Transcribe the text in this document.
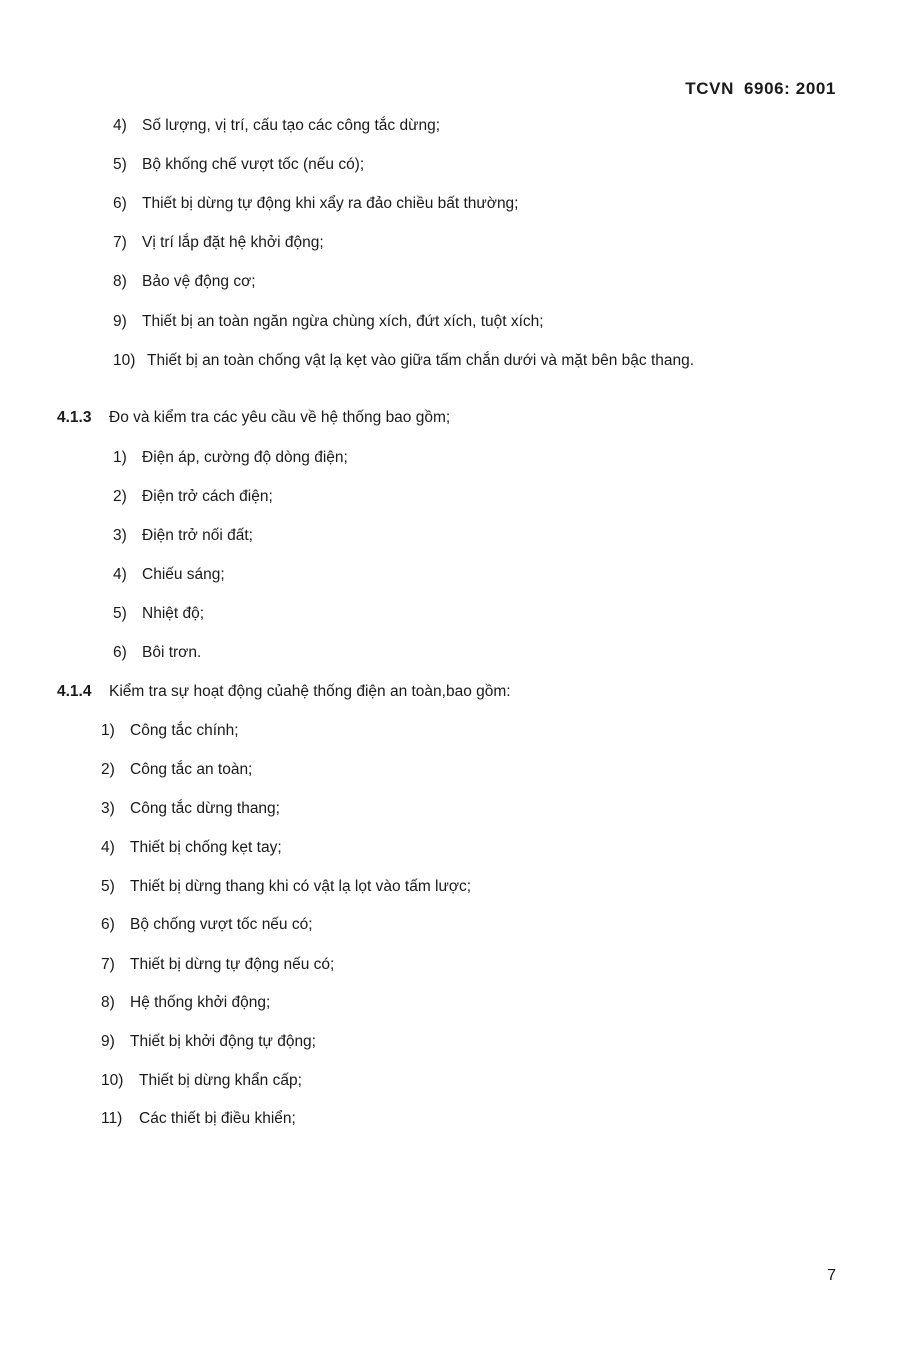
TCVN 6906: 2001
4) Số lượng, vị trí, cấu tạo các công tắc dừng;
5) Bộ khống chế vượt tốc (nếu có);
6) Thiết bị dừng tự động khi xẩy ra đảo chiều bất thường;
7) Vị trí lắp đặt hệ khởi động;
8) Bảo vệ động cơ;
9) Thiết bị an toàn ngăn ngừa chùng xích, đứt xích, tuột xích;
10) Thiết bị an toàn chống vật lạ kẹt vào giữa tấm chắn dưới và mặt bên bậc thang.
4.1.3 Đo và kiểm tra các yêu cầu về hệ thống bao gồm;
1) Điện áp, cường độ dòng điện;
2) Điện trở cách điện;
3) Điện trở nối đất;
4) Chiếu sáng;
5) Nhiệt độ;
6) Bôi trơn.
4.1.4 Kiểm tra sự hoạt động củahệ thống điện an toàn,bao gồm:
1) Công tắc chính;
2) Công tắc an toàn;
3) Công tắc dừng thang;
4) Thiết bị chống kẹt tay;
5) Thiết bị dừng thang khi có vật lạ lọt vào tấm lược;
6) Bộ chống vượt tốc nếu có;
7) Thiết bị dừng tự động nếu có;
8) Hệ thống khởi động;
9) Thiết bị khởi động tự động;
10) Thiết bị dừng khẩn cấp;
11) Các thiết bị điều khiển;
7
